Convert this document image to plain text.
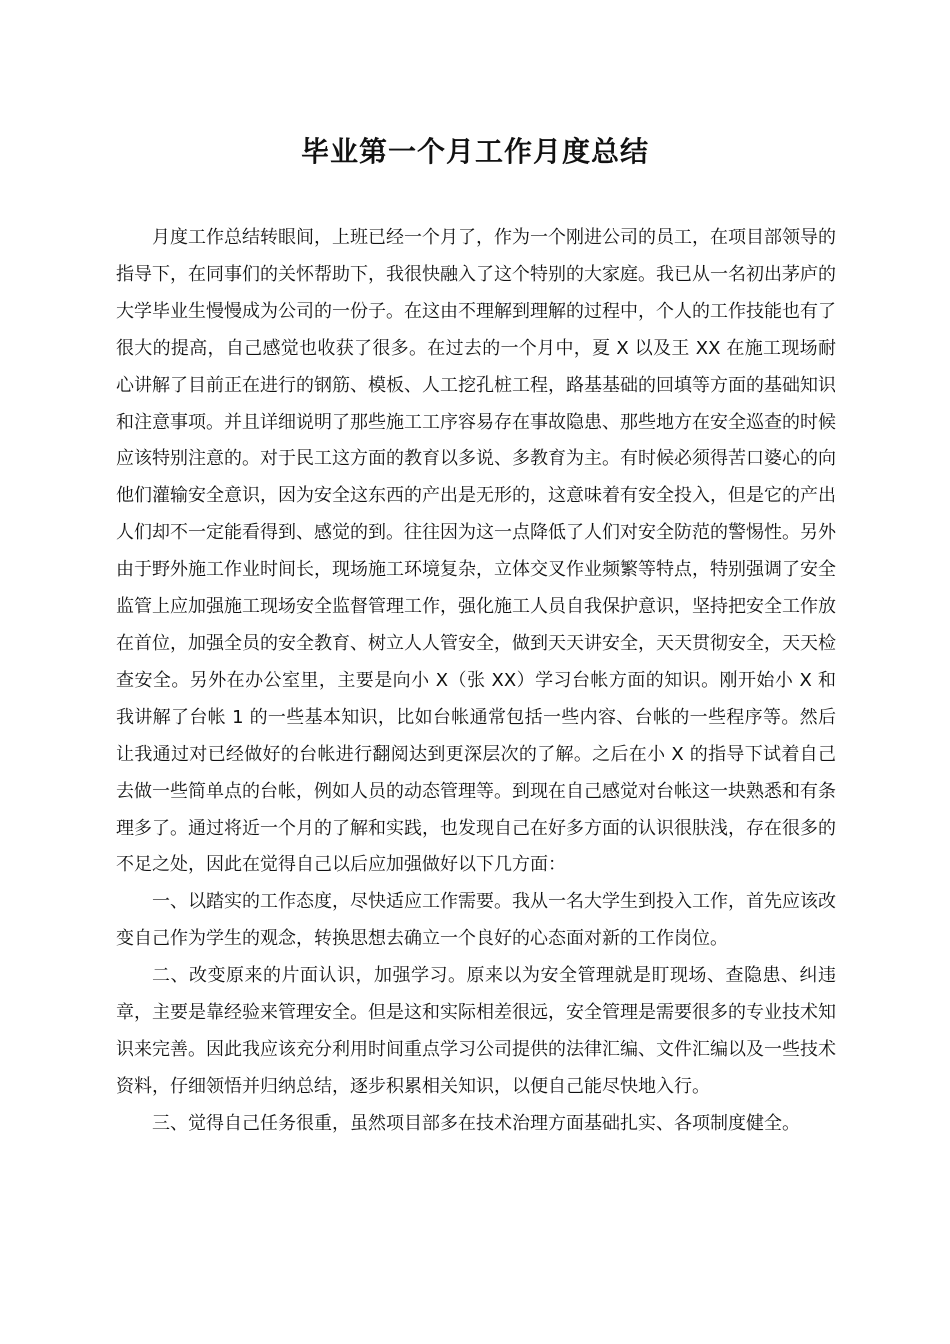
毕业第一个月工作月度总结

月度工作总结转眼间，上班已经一个月了，作为一个刚进公司的员工，在项目部领导的指导下，在同事们的关怀帮助下，我很快融入了这个特别的大家庭。我已从一名初出茅庐的大学毕业生慢慢成为公司的一份子。在这由不理解到理解的过程中，个人的工作技能也有了很大的提高，自己感觉也收获了很多。在过去的一个月中，夏 X 以及王 XX 在施工现场耐心讲解了目前正在进行的钢筋、模板、人工挖孔桩工程，路基基础的回填等方面的基础知识和注意事项。并且详细说明了那些施工工序容易存在事故隐患、那些地方在安全巡查的时候应该特别注意的。对于民工这方面的教育以多说、多教育为主。有时候必须得苦口婆心的向他们灌输安全意识，因为安全这东西的产出是无形的，这意味着有安全投入，但是它的产出人们却不一定能看得到、感觉的到。往往因为这一点降低了人们对安全防范的警惕性。另外由于野外施工作业时间长，现场施工环境复杂，立体交叉作业频繁等特点，特别强调了安全监管上应加强施工现场安全监督管理工作，强化施工人员自我保护意识，坚持把安全工作放在首位，加强全员的安全教育、树立人人管安全，做到天天讲安全，天天贯彻安全，天天检查安全。另外在办公室里，主要是向小 X（张 XX）学习台帐方面的知识。刚开始小 X 和我讲解了台帐 1 的一些基本知识，比如台帐通常包括一些内容、台帐的一些程序等。然后让我通过对已经做好的台帐进行翻阅达到更深层次的了解。之后在小 X 的指导下试着自己去做一些简单点的台帐，例如人员的动态管理等。到现在自己感觉对台帐这一块熟悉和有条理多了。通过将近一个月的了解和实践，也发现自己在好多方面的认识很肤浅，存在很多的不足之处，因此在觉得自己以后应加强做好以下几方面：

一、以踏实的工作态度，尽快适应工作需要。我从一名大学生到投入工作，首先应该改变自己作为学生的观念，转换思想去确立一个良好的心态面对新的工作岗位。

二、改变原来的片面认识，加强学习。原来以为安全管理就是盯现场、查隐患、纠违章，主要是靠经验来管理安全。但是这和实际相差很远，安全管理是需要很多的专业技术知识来完善。因此我应该充分利用时间重点学习公司提供的法律汇编、文件汇编以及一些技术资料，仔细领悟并归纳总结，逐步积累相关知识，以便自己能尽快地入行。

三、觉得自己任务很重，虽然项目部多在技术治理方面基础扎实、各项制度健全。
